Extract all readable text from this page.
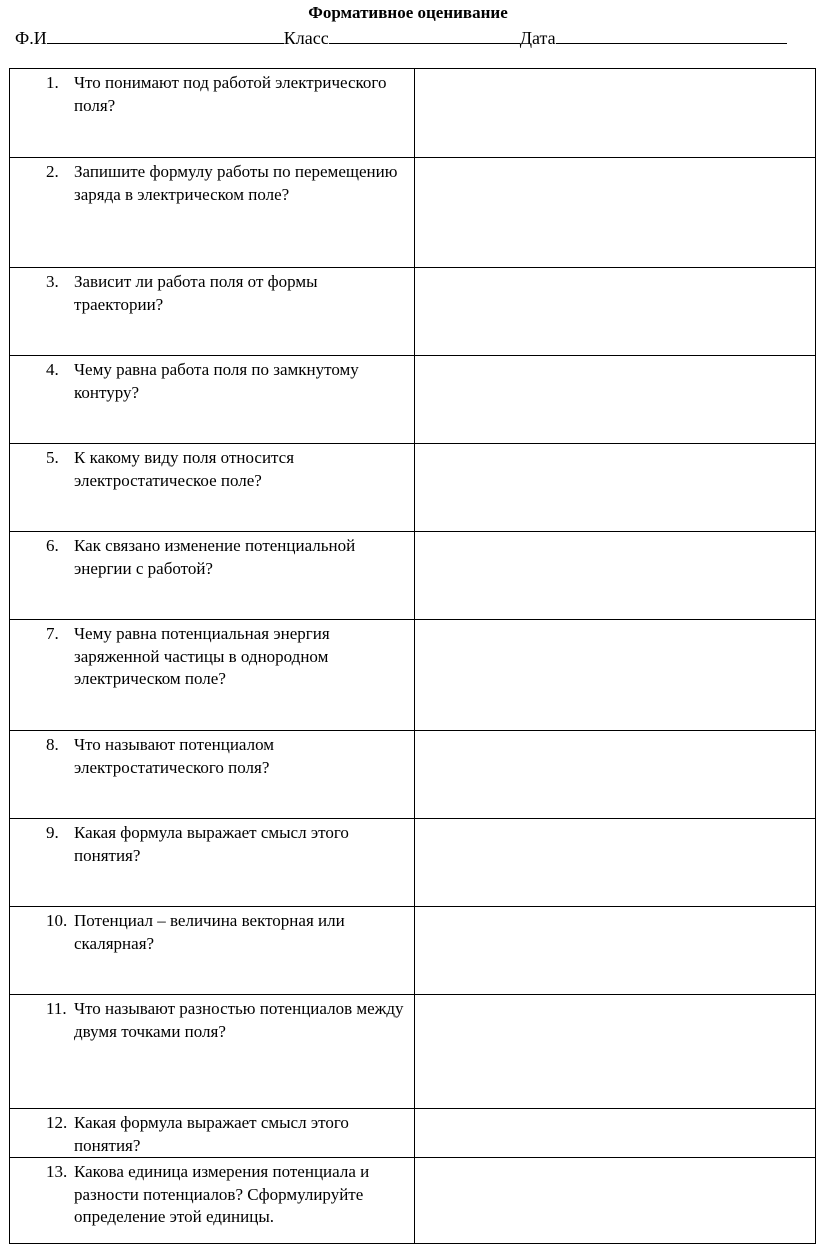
Формативное оценивание
Ф.И	Класс	Дата
1. Что понимают под работой электрического поля?	

2. Запишите формулу работы по перемещению заряда в электрическом поле?	

3. Зависит ли работа поля от формы траектории?	

4. Чему равна работа поля по замкнутому контуру?	

5. К какому виду поля относится электростатическое поле?	

6. Как связано изменение потенциальной энергии с работой?	

7. Чему равна потенциальная энергия заряженной частицы в однородном электрическом поле?	

8. Что называют потенциалом электростатического поля?	

9. Какая формула выражает смысл этого понятия?	

10. Потенциал – величина векторная или скалярная?	

11. Что называют разностью потенциалов между двумя точками поля?	

12. Какая формула выражает смысл этого понятия?	

13. Какова единица измерения потенциала и разности потенциалов? Сформулируйте определение этой единицы.	
